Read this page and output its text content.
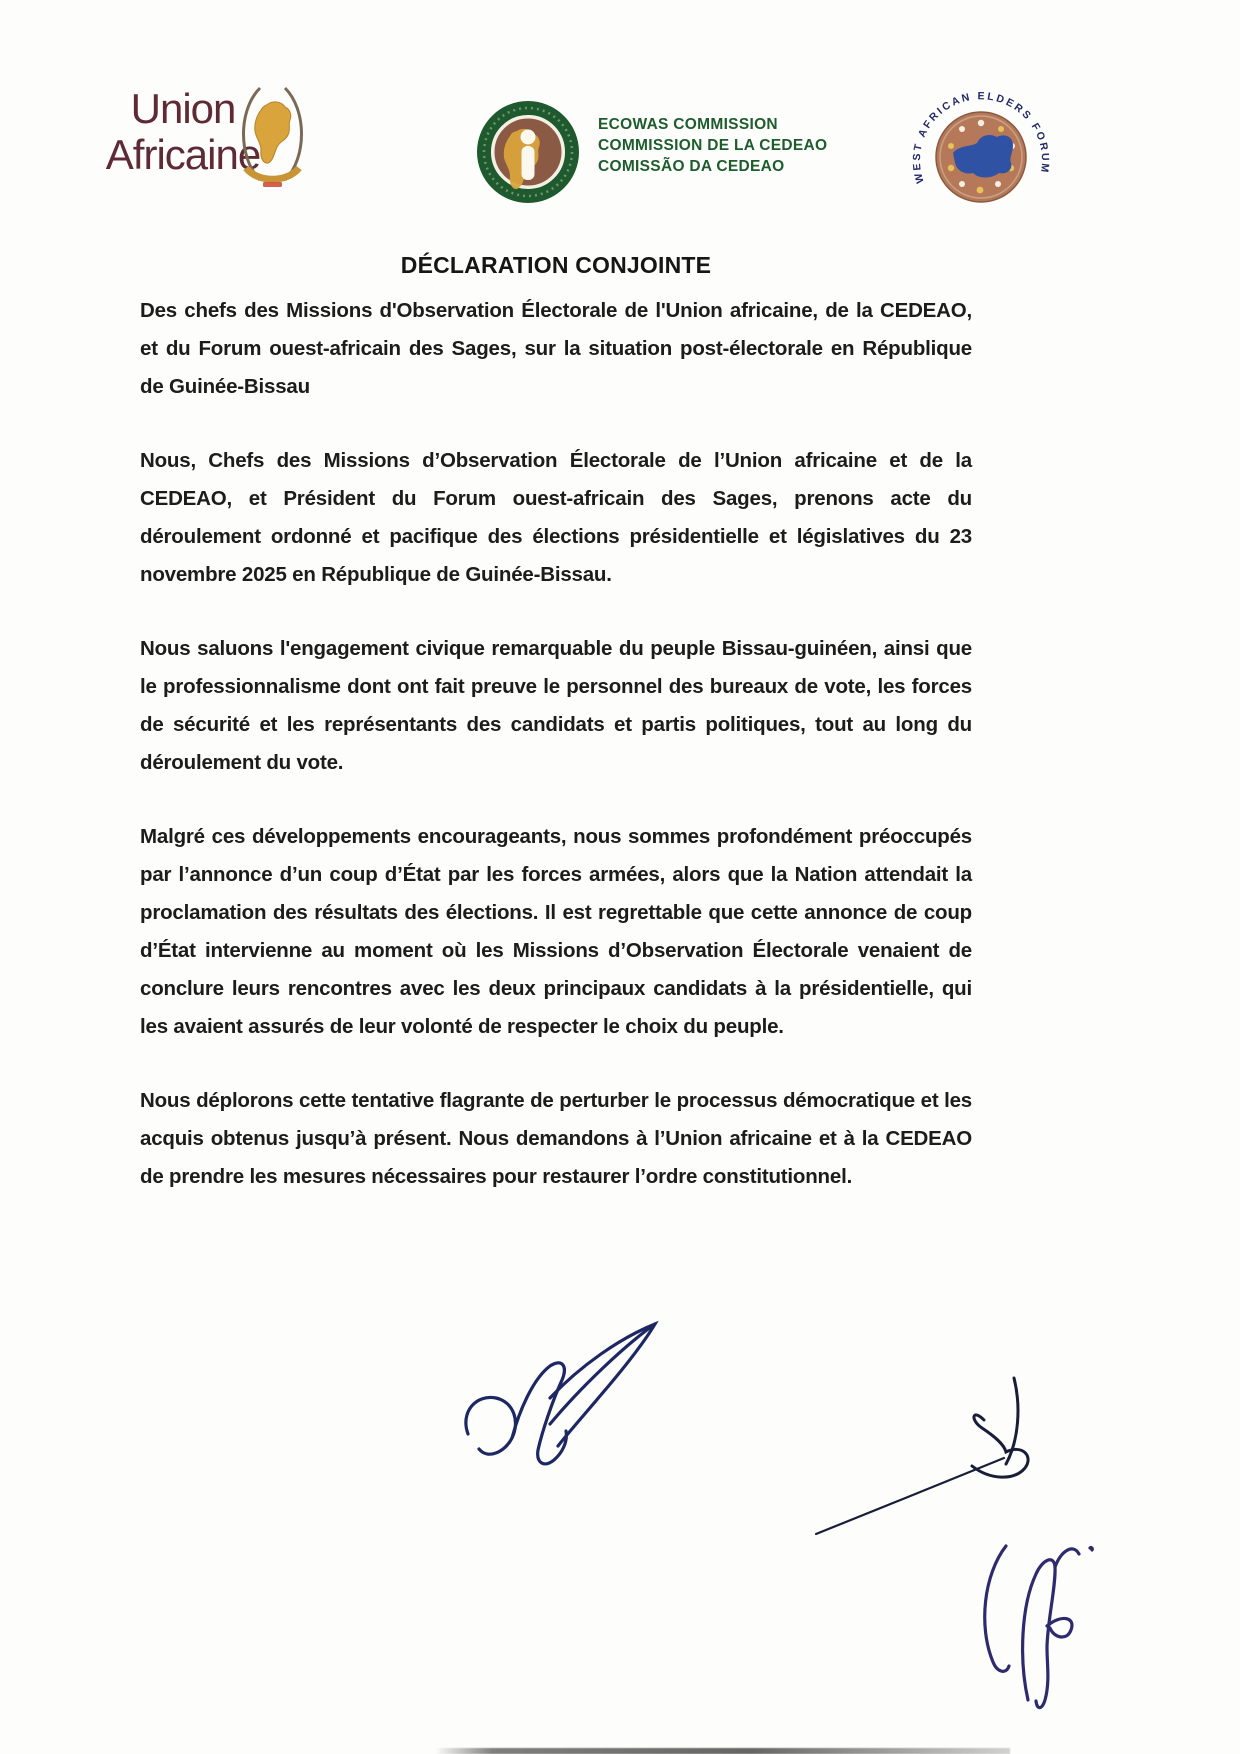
Union
Africaine
ECOWAS COMMISSION
COMMISSION DE LA CEDEAO
COMISSÃO DA CEDEAO
WEST AFRICAN ELDERS FORUM
DÉCLARATION CONJOINTE

Des chefs des Missions d'Observation Électorale de l'Union africaine, de la CEDEAO, et du Forum ouest-africain des Sages, sur la situation post-électorale en République de Guinée-Bissau

Nous, Chefs des Missions d’Observation Électorale de l’Union africaine et de la CEDEAO, et Président du Forum ouest-africain des Sages, prenons acte du déroulement ordonné et pacifique des élections présidentielle et législatives du 23 novembre 2025 en République de Guinée-Bissau.

Nous saluons l'engagement civique remarquable du peuple Bissau-guinéen, ainsi que le professionnalisme dont ont fait preuve le personnel des bureaux de vote, les forces de sécurité et les représentants des candidats et partis politiques, tout au long du déroulement du vote.

Malgré ces développements encourageants, nous sommes profondément préoccupés par l’annonce d’un coup d’État par les forces armées, alors que la Nation attendait la proclamation des résultats des élections. Il est regrettable que cette annonce de coup d’État intervienne au moment où les Missions d’Observation Électorale venaient de conclure leurs rencontres avec les deux principaux candidats à la présidentielle, qui les avaient assurés de leur volonté de respecter le choix du peuple.

Nous déplorons cette tentative flagrante de perturber le processus démocratique et les acquis obtenus jusqu’à présent. Nous demandons à l’Union africaine et à la CEDEAO de prendre les mesures nécessaires pour restaurer l’ordre constitutionnel.
